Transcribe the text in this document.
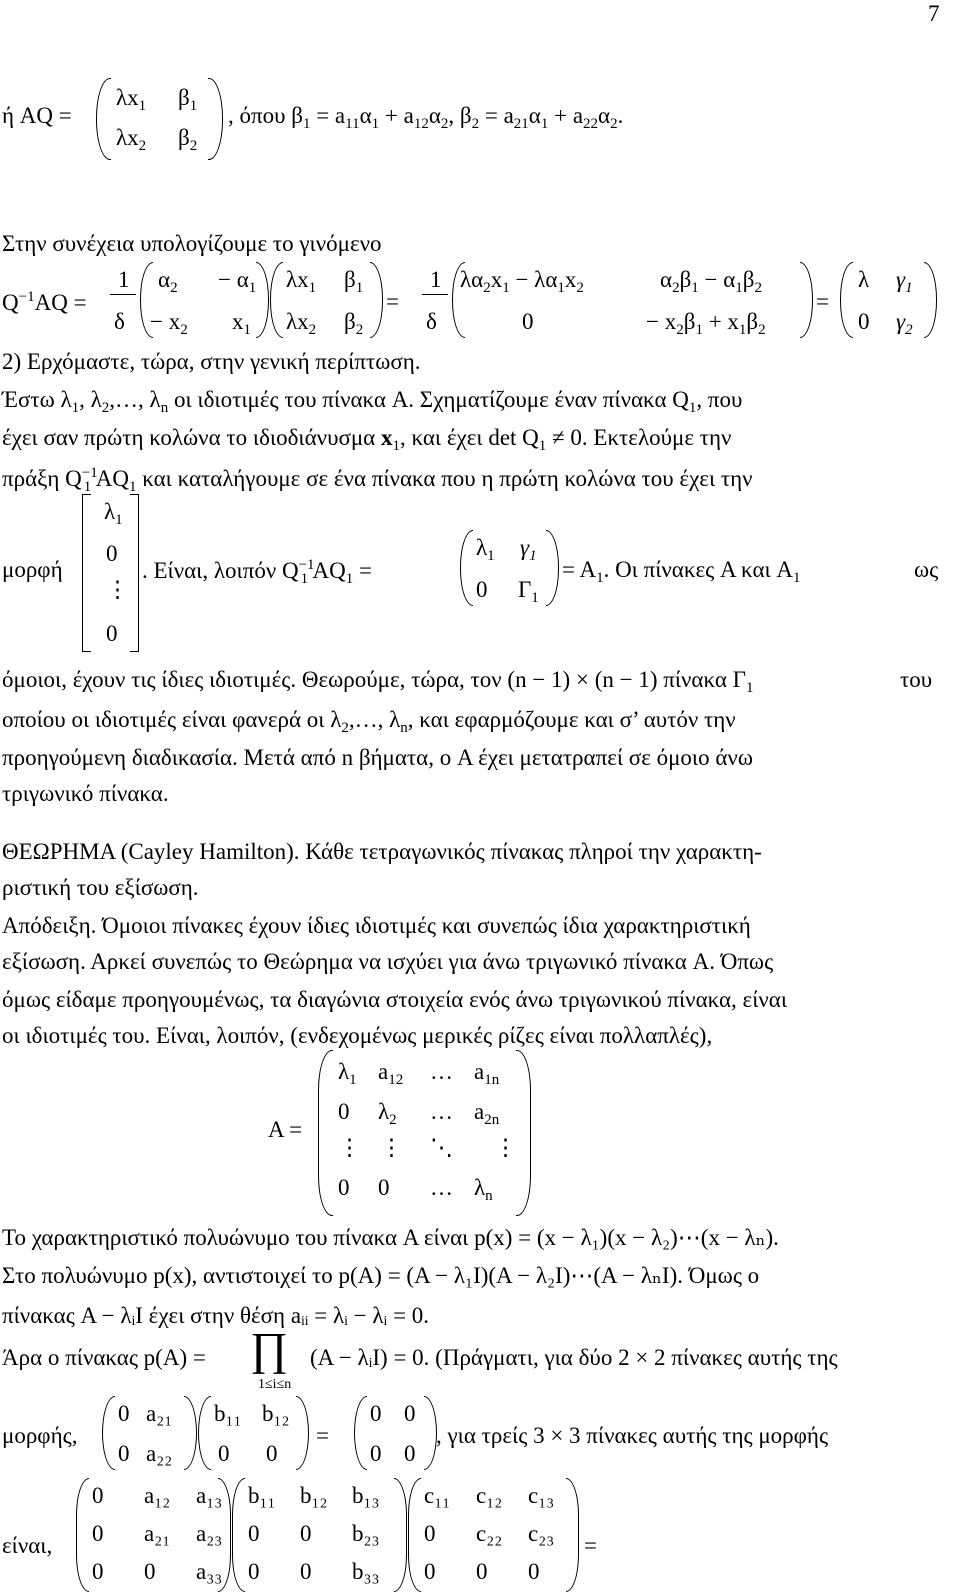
7
ή AQ =
$\lambda x_1$ $\beta_1$
$\lambda x_2$ $\beta_2$
, όπου $\beta_1 = a_{11}\alpha_1 + a_{12}\alpha_2$, $\beta_2 = a_{21}\alpha_1 + a_{22}\alpha_2$.
Στην συνέχεια υπολογίζουμε το γινόμενο
$Q^{-1}AQ$ =
1
δ
$\alpha_2 - \alpha_1$
− $x_2$ $x_1$
$\lambda x_1$ $\beta_1$
$\lambda x_2$ $\beta_2$
=
1
δ
$\lambda\alpha_2x_1 - \lambda\alpha_1x_2$	$\alpha_2\beta_1 - \alpha_1\beta_2$
0	− $x_2\beta_1 + x_1\beta_2$
=
λ $\gamma_1$
0 $\gamma_2$
2) Ερχόμαστε, τώρα, στην γενική περίπτωση.
Έστω $\lambda_1$, $\lambda_2,\dots$, $\lambda_n$ οι ιδιοτιμές του πίνακα A. Σχηματίζουμε έναν πίνακα $Q_1$, που
έχει σαν πρώτη κολώνα το ιδιοδιάνυσμα $x_1$, και έχει $\det Q_1 \ne 0$. Εκτελούμε την
πράξη $Q^{-1}_1$ $AQ_1$ και καταλήγουμε σε ένα πίνακα που η πρώτη κολώνα του έχει την
$\lambda_1$
0
⋮
0
μορφή	. Είναι, λοιπόν $Q^{-1}_1$ $AQ_1$ =
$\lambda_1$ $\gamma_1$
0 $\Gamma_1$
= $A_1$. Οι πίνακες A και $A_1$	ως
όμοιοι, έχουν τις ίδιες ιδιοτιμές. Θεωρούμε, τώρα, τον (n − 1) × (n − 1) πίνακα $\Gamma_1$	του
οποίου οι ιδιοτιμές είναι φανερά οι $\lambda_2,\dots$, $\lambda_n$, και εφαρμόζουμε και σ’ αυτόν την
προηγούμενη διαδικασία. Μετά από n βήματα, ο A έχει μετατραπεί σε όμοιο άνω
τριγωνικό πίνακα.
ΘΕΩΡΗΜΑ (Cayley Hamilton). Κάθε τετραγωνικός πίνακας πληροί την χαρακτη-
ριστική του εξίσωση.
Απόδειξη. Όμοιοι πίνακες έχουν ίδιες ιδιοτιμές και συνεπώς ίδια χαρακτηριστική
εξίσωση. Αρκεί συνεπώς το Θεώρημα να ισχύει για άνω τριγωνικό πίνακα A. Όπως
όμως είδαμε προηγουμένως, τα διαγώνια στοιχεία ενός άνω τριγωνικού πίνακα, είναι
οι ιδιοτιμές του. Είναι, λοιπόν, (ενδεχομένως μερικές ρίζες είναι πολλαπλές),
A =
$\lambda_1$ $a_{12}$ … $a_{1n}$
0 $\lambda_2$ … $a_{2n}$
⋮ ⋮ ⋱ ⋮
0 0 … $\lambda_n$
Το χαρακτηριστικό πολυώνυμο του πίνακα A είναι p(x) = (x − λ₁)(x − λ₂)⋯(x − λₙ).
Στο πολυώνυμο p(x), αντιστοιχεί το p(A) = (A − λ₁I)(A − λ₂I)⋯(A − λₙI). Όμως ο
πίνακας A − λᵢI έχει στην θέση aᵢᵢ = λᵢ − λᵢ = 0.
Άρα ο πίνακας p(A) = ∏
1≤i≤n
(A − λᵢI) = 0. (Πράγματι, για δύο 2 × 2 πίνακες αυτής της
μορφής,
0 a₂₁
0 a₂₂
b₁₁ b₁₂
0 0
=
0 0
0 0
, για τρείς 3 × 3 πίνακες αυτής της μορφής
είναι,	=
0 a₁₂ a₁₃
0 a₂₁ a₂₃
0 0 a₃₃
b₁₁ b₁₂ b₁₃
0 0 b₂₃
0 0 b₃₃
c₁₁ c₁₂ c₁₃
0 c₂₂ c₂₃
0 0 0
